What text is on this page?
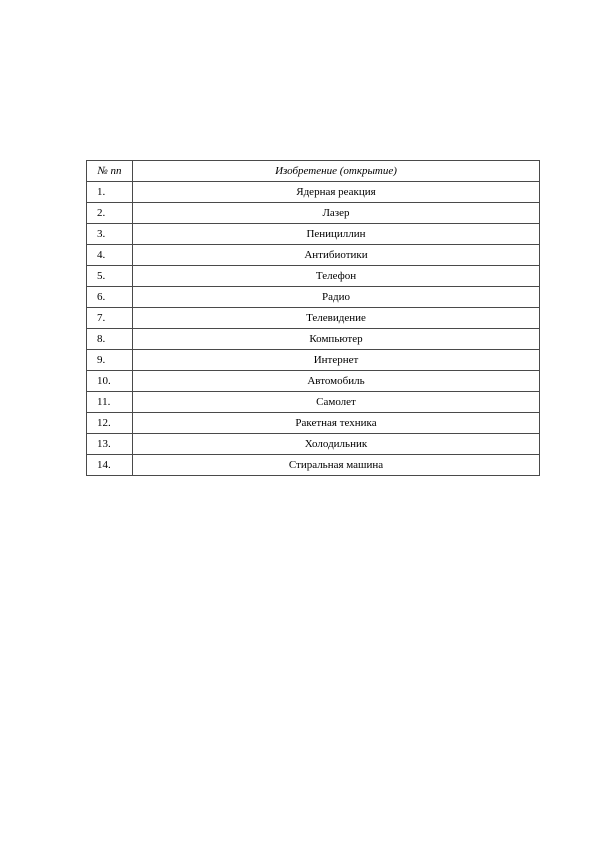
№ пп	Изобретение (открытие)
1.	Ядерная реакция
2.	Лазер
3.	Пенициллин
4.	Антибиотики
5.	Телефон
6.	Радио
7.	Телевидение
8.	Компьютер
9.	Интернет
10.	Автомобиль
11.	Самолет
12.	Ракетная техника
13.	Холодильник
14.	Стиральная машина
